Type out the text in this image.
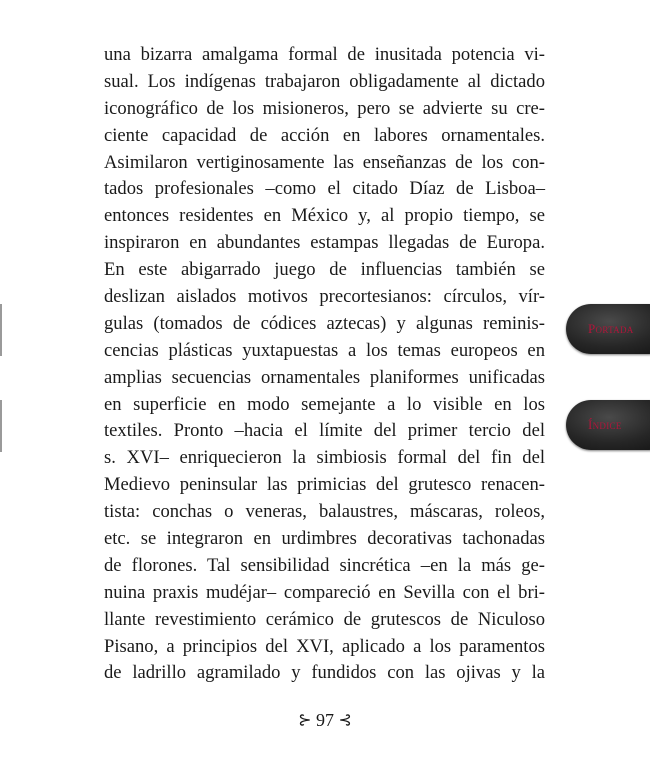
una bizarra amalgama formal de inusitada potencia vi-
sual. Los indígenas trabajaron obligadamente al dictado
iconográfico de los misioneros, pero se advierte su cre-
ciente capacidad de acción en labores ornamentales.
Asimilaron vertiginosamente las enseñanzas de los con-
tados profesionales –como el citado Díaz de Lisboa–
entonces residentes en México y, al propio tiempo, se
inspiraron en abundantes estampas llegadas de Europa.
En este abigarrado juego de influencias también se
deslizan aislados motivos precortesianos: círculos, vír-
gulas (tomados de códices aztecas) y algunas reminis-
cencias plásticas yuxtapuestas a los temas europeos en
amplias secuencias ornamentales planiformes unificadas
en superficie en modo semejante a lo visible en los
textiles. Pronto –hacia el límite del primer tercio del
s. XVI– enriquecieron la simbiosis formal del fin del
Medievo peninsular las primicias del grutesco renacen-
tista: conchas o veneras, balaustres, máscaras, roleos,
etc. se integraron en urdimbres decorativas tachonadas
de florones. Tal sensibilidad sincrética –en la más ge-
nuina praxis mudéjar– compareció en Sevilla con el bri-
llante revestimiento cerámico de grutescos de Niculoso
Pisano, a principios del XVI, aplicado a los paramentos
de ladrillo agramilado y fundidos con las ojivas y la
Portada
Índice
⊱ 97 ⊰
